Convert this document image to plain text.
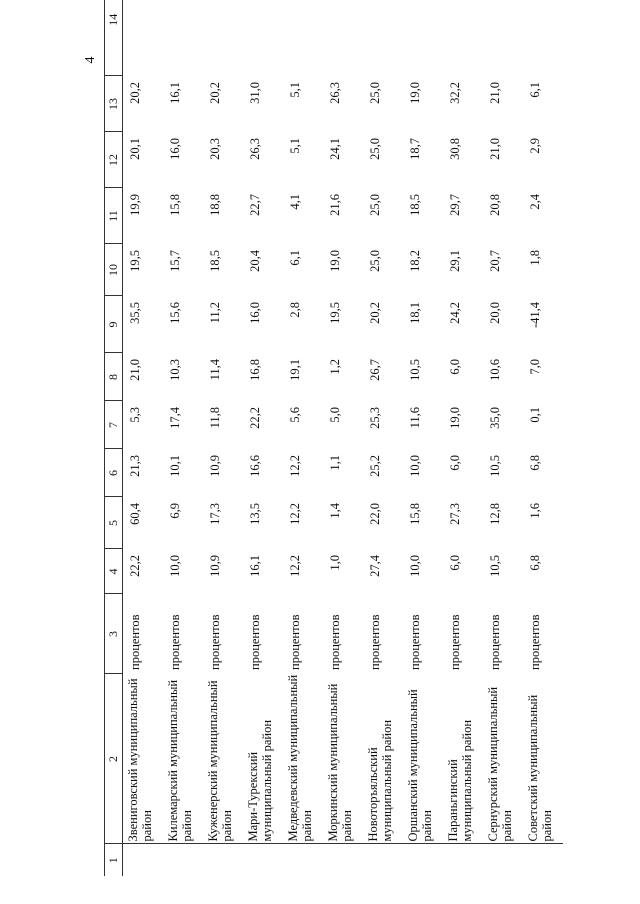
4
1	2	3	4	5	6	7	8	9	10	11	12	13	14
	Звениговский муниципальный район	процентов	22,2	60,4	21,3	5,3	21,0	35,5	19,5	19,9	20,1	20,2	
	Килемарский муниципальный район	процентов	10,0	6,9	10,1	17,4	10,3	15,6	15,7	15,8	16,0	16,1	
	Куженерский муниципальный район	процентов	10,9	17,3	10,9	11,8	11,4	11,2	18,5	18,8	20,3	20,2	
	Мари-Турекский муниципальный район	процентов	16,1	13,5	16,6	22,2	16,8	16,0	20,4	22,7	26,3	31,0	
	Медведевский муниципальный район	процентов	12,2	12,2	12,2	5,6	19,1	2,8	6,1	4,1	5,1	5,1	
	Моркинский муниципальный район	процентов	1,0	1,4	1,1	5,0	1,2	19,5	19,0	21,6	24,1	26,3	
	Новоторъяльский муниципальный район	процентов	27,4	22,0	25,2	25,3	26,7	20,2	25,0	25,0	25,0	25,0	
	Оршанский муниципальный район	процентов	10,0	15,8	10,0	11,6	10,5	18,1	18,2	18,5	18,7	19,0	
	Параньгинский муниципальный район	процентов	6,0	27,3	6,0	19,0	6,0	24,2	29,1	29,7	30,8	32,2	
	Сернурский муниципальный район	процентов	10,5	12,8	10,5	35,0	10,6	20,0	20,7	20,8	21,0	21,0	
	Советский муниципальный район	процентов	6,8	1,6	6,8	0,1	7,0	-41,4	1,8	2,4	2,9	6,1	
